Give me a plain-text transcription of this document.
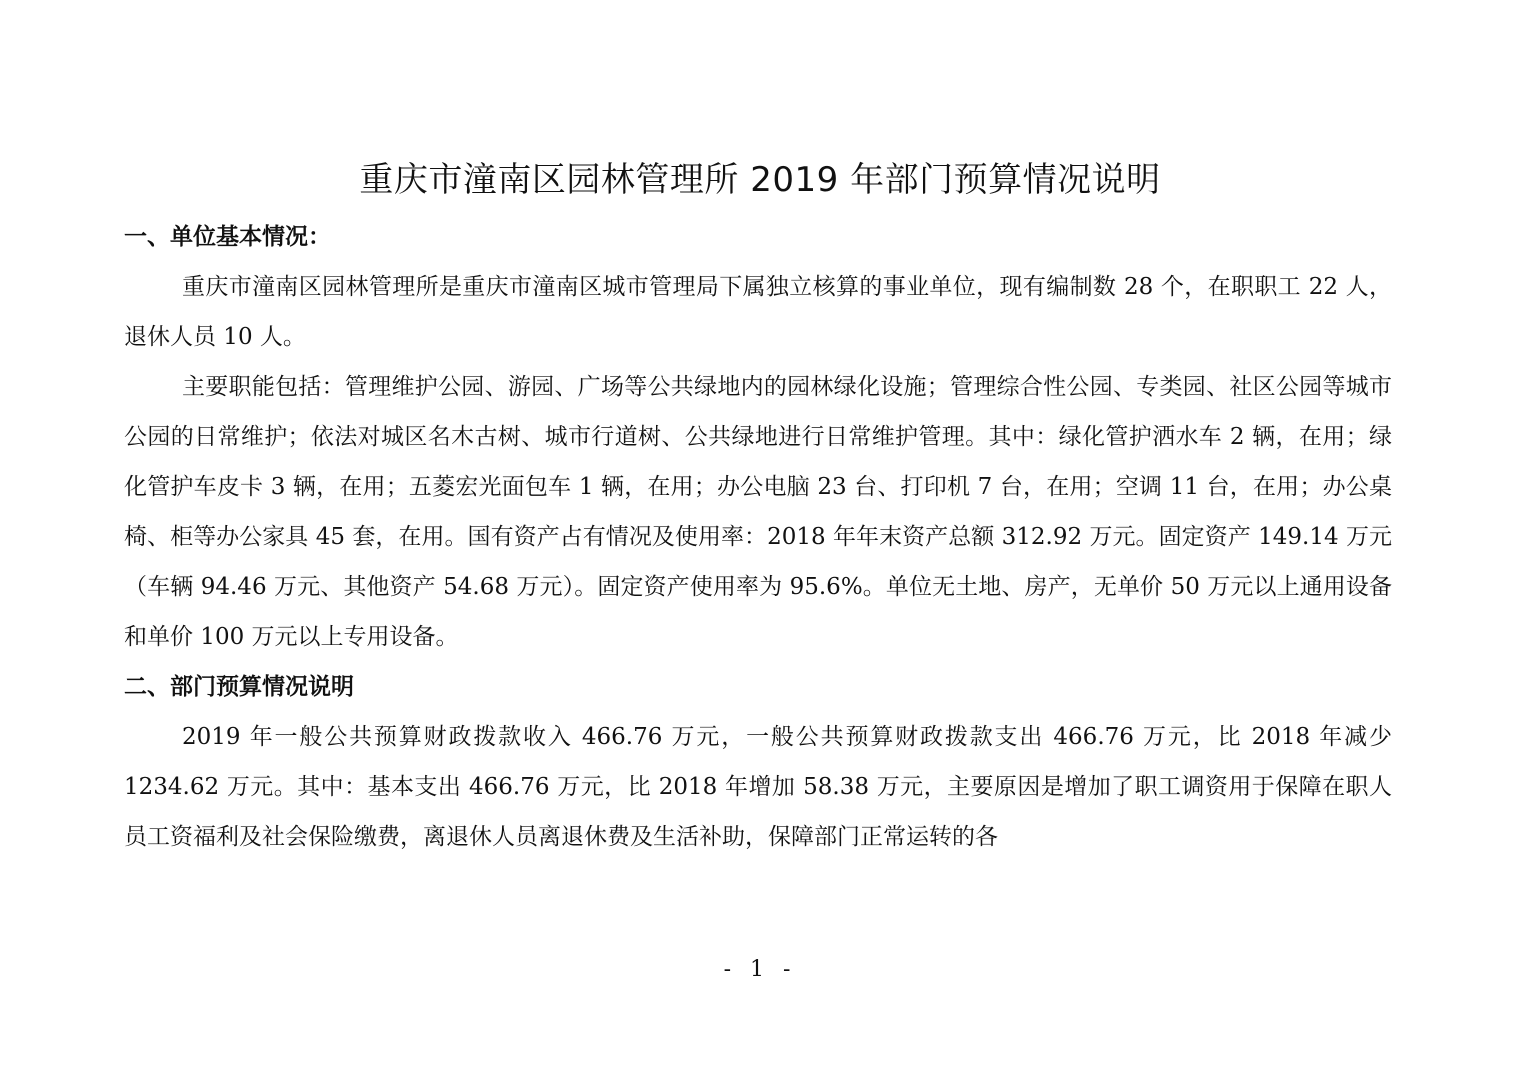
重庆市潼南区园林管理所 2019 年部门预算情况说明

一、单位基本情况：

重庆市潼南区园林管理所是重庆市潼南区城市管理局下属独立核算的事业单位，现有编制数 28 个，在职职工 22 人，退休人员 10 人。

主要职能包括：管理维护公园、游园、广场等公共绿地内的园林绿化设施；管理综合性公园、专类园、社区公园等城市公园的日常维护；依法对城区名木古树、城市行道树、公共绿地进行日常维护管理。其中：绿化管护洒水车 2 辆，在用；绿化管护车皮卡 3 辆，在用；五菱宏光面包车 1 辆，在用；办公电脑 23 台、打印机 7 台，在用；空调 11 台，在用；办公桌椅、柜等办公家具 45 套，在用。国有资产占有情况及使用率：2018 年年末资产总额 312.92 万元。固定资产 149.14 万元（车辆 94.46 万元、其他资产 54.68 万元）。固定资产使用率为 95.6%。单位无土地、房产，无单价 50 万元以上通用设备和单价 100 万元以上专用设备。

二、部门预算情况说明

2019 年一般公共预算财政拨款收入 466.76 万元，一般公共预算财政拨款支出 466.76 万元，比 2018 年减少 1234.62 万元。其中：基本支出 466.76 万元，比 2018 年增加 58.38 万元，主要原因是增加了职工调资用于保障在职人员工资福利及社会保险缴费，离退休人员离退休费及生活补助，保障部门正常运转的各

- 1 -
